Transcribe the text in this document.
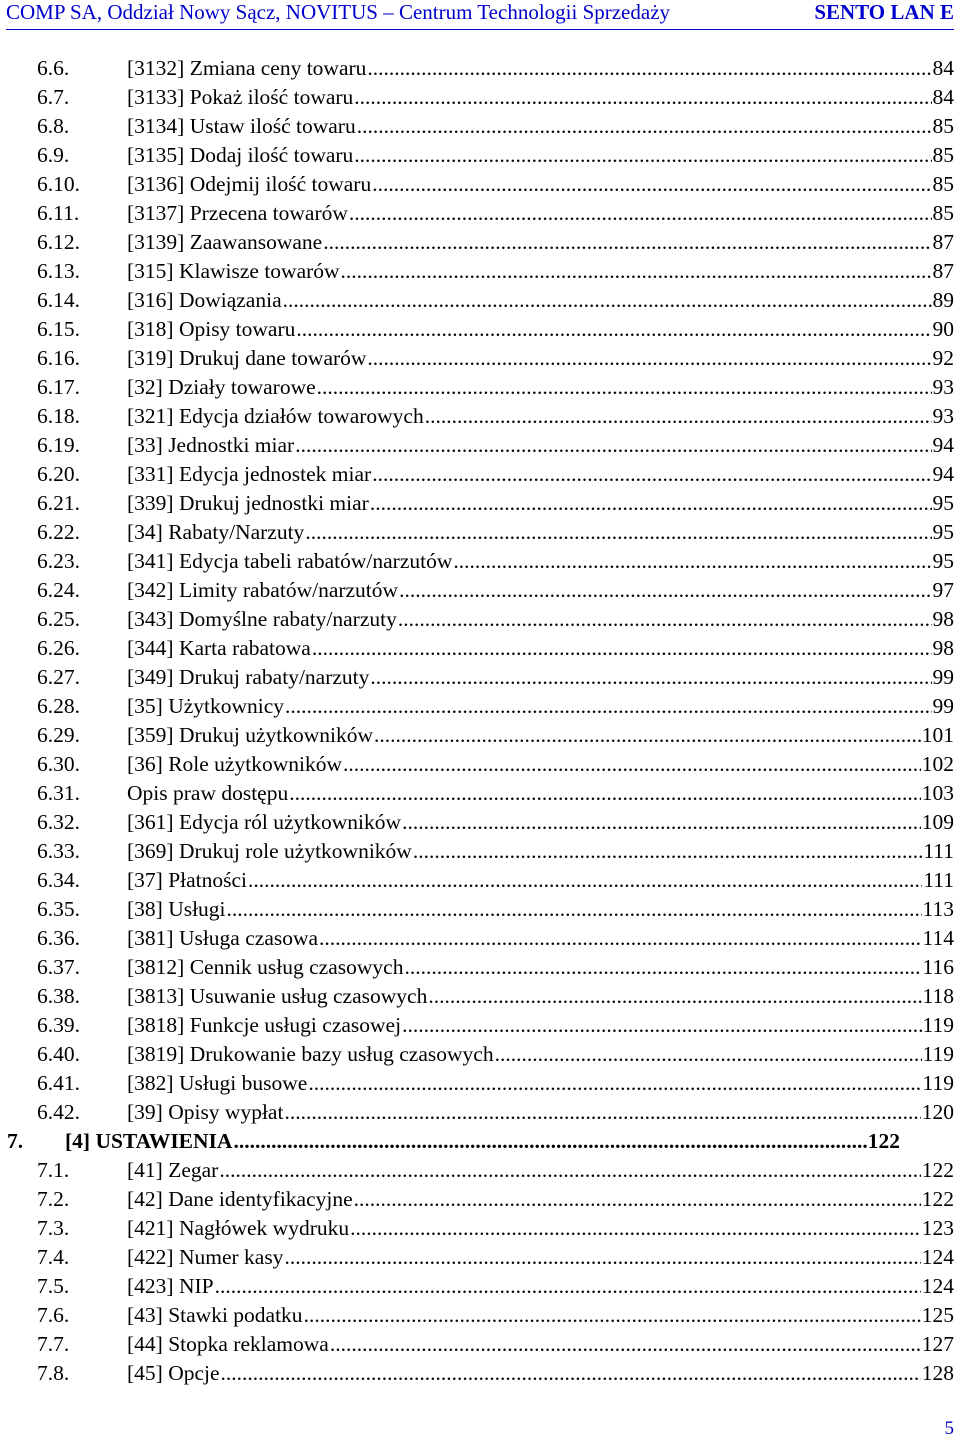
COMP SA, Oddział Nowy Sącz, NOVITUS – Centrum Technologii Sprzedaży	SENTO LAN E
6.6.	[3132] Zmiana ceny towaru .....	84
6.7.	[3133] Pokaż ilość towaru .....	84
6.8.	[3134] Ustaw ilość towaru .....	85
6.9.	[3135] Dodaj ilość towaru .....	85
6.10. [3136] Odejmij ilość towaru .....	85
6.11. [3137] Przecena towarów .....	85
6.12. [3139] Zaawansowane .....	87
6.13. [315] Klawisze towarów .....	87
6.14. [316] Dowiązania .....	89
6.15. [318] Opisy towaru .....	90
6.16. [319] Drukuj dane towarów .....	92
6.17. [32] Działy towarowe .....	93
6.18. [321] Edycja działów towarowych .....	93
6.19. [33] Jednostki miar .....	94
6.20. [331] Edycja jednostek miar .....	94
6.21. [339] Drukuj jednostki miar .....	95
6.22. [34] Rabaty/Narzuty .....	95
6.23. [341] Edycja tabeli rabatów/narzutów .....	95
6.24. [342] Limity rabatów/narzutów .....	97
6.25. [343] Domyślne rabaty/narzuty .....	98
6.26. [344] Karta rabatowa .....	98
6.27. [349] Drukuj rabaty/narzuty .....	99
6.28. [35] Użytkownicy .....	99
6.29. [359] Drukuj użytkowników .....	101
6.30. [36] Role użytkowników .....	102
6.31. Opis praw dostępu .....	103
6.32. [361] Edycja ról użytkowników .....	109
6.33. [369] Drukuj role użytkowników .....	111
6.34. [37] Płatności .....	111
6.35. [38] Usługi .....	113
6.36. [381] Usługa czasowa .....	114
6.37. [3812] Cennik usług czasowych .....	116
6.38. [3813] Usuwanie usług czasowych .....	118
6.39. [3818] Funkcje usługi czasowej .....	119
6.40. [3819] Drukowanie bazy usług czasowych .....	119
6.41. [382] Usługi busowe .....	119
6.42. [39] Opisy wypłat .....	120
7. [4] USTAWIENIA .....	122
7.1.	[41] Zegar .....	122
7.2.	[42] Dane identyfikacyjne .....	122
7.3.	[421] Nagłówek wydruku .....	123
7.4.	[422] Numer kasy .....	124
7.5.	[423] NIP .....	124
7.6.	[43] Stawki podatku .....	125
7.7.	[44] Stopka reklamowa .....	127
7.8.	[45] Opcje .....	128
5
